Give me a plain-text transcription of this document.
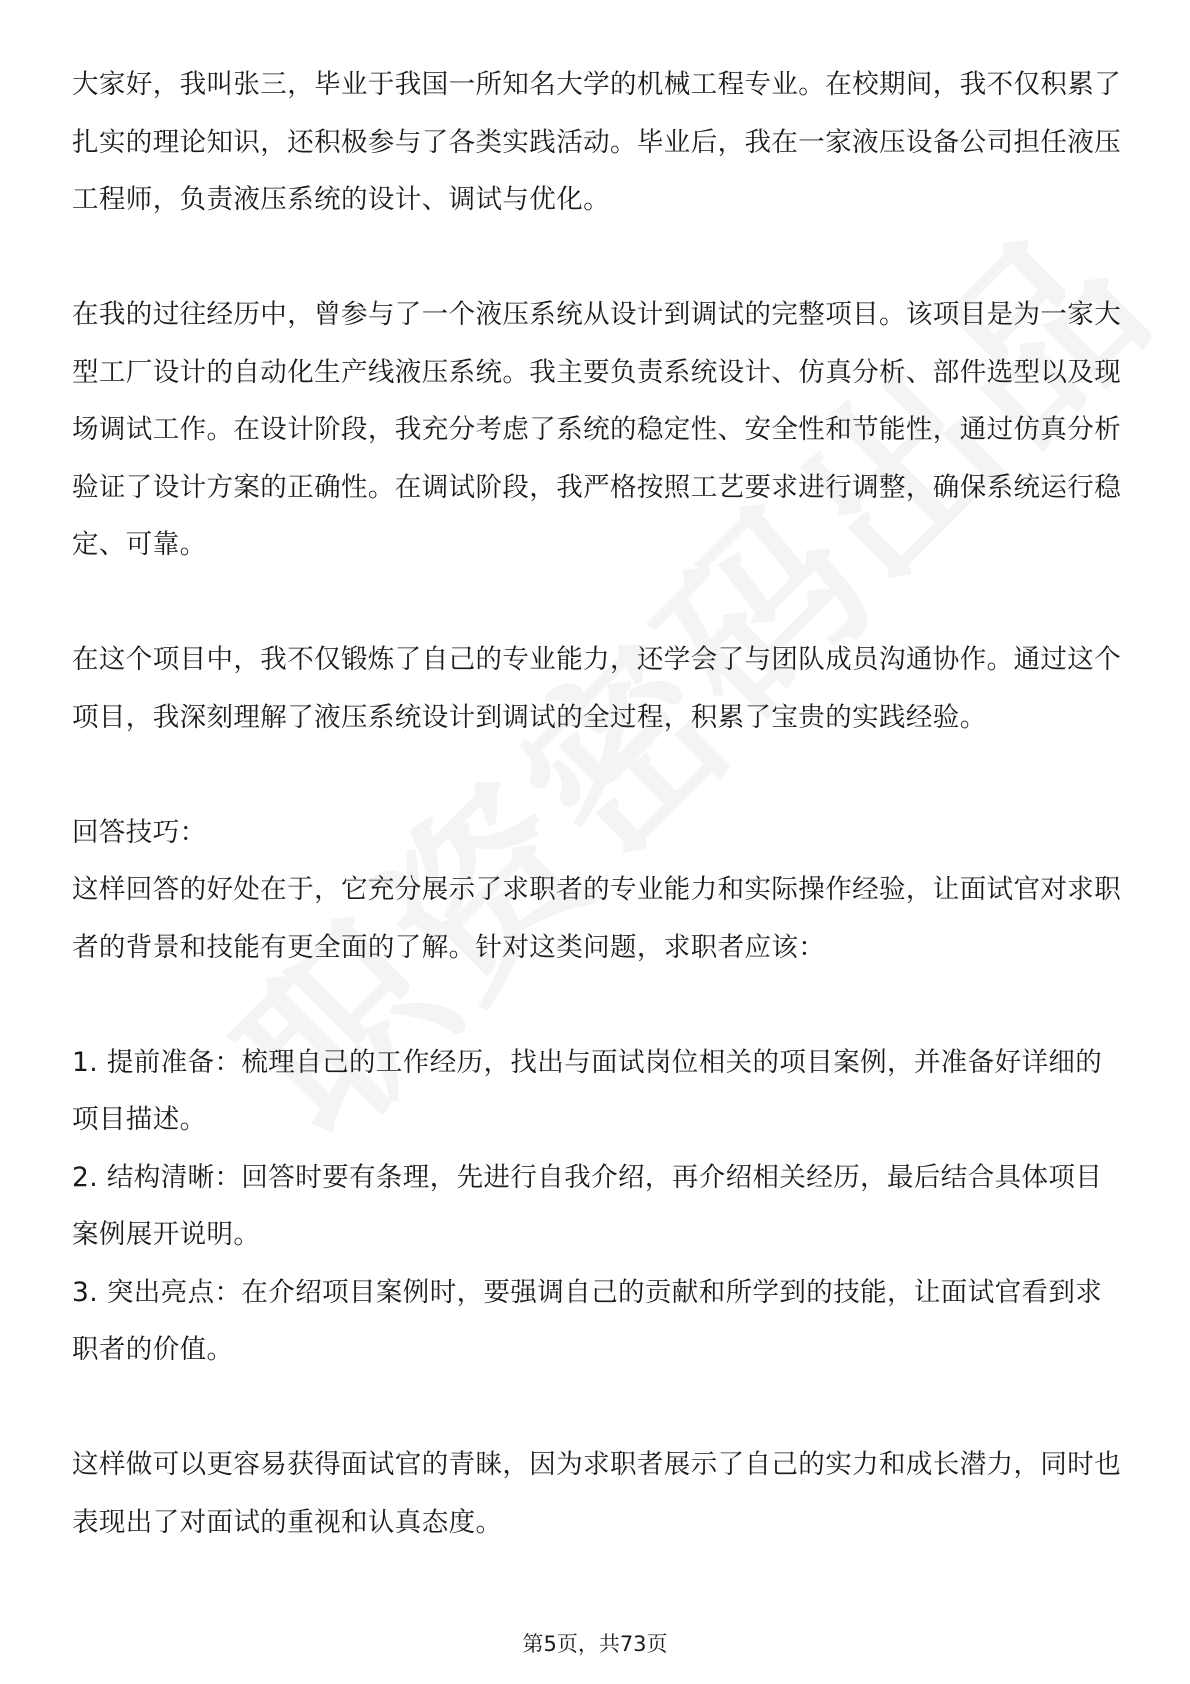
大家好，我叫张三，毕业于我国一所知名大学的机械工程专业。在校期间，我不仅积累了扎实的理论知识，还积极参与了各类实践活动。毕业后，我在一家液压设备公司担任液压工程师，负责液压系统的设计、调试与优化。

在我的过往经历中，曾参与了一个液压系统从设计到调试的完整项目。该项目是为一家大型工厂设计的自动化生产线液压系统。我主要负责系统设计、仿真分析、部件选型以及现场调试工作。在设计阶段，我充分考虑了系统的稳定性、安全性和节能性，通过仿真分析验证了设计方案的正确性。在调试阶段，我严格按照工艺要求进行调整，确保系统运行稳定、可靠。

在这个项目中，我不仅锻炼了自己的专业能力，还学会了与团队成员沟通协作。通过这个项目，我深刻理解了液压系统设计到调试的全过程，积累了宝贵的实践经验。

回答技巧：

这样回答的好处在于，它充分展示了求职者的专业能力和实际操作经验，让面试官对求职者的背景和技能有更全面的了解。针对这类问题，求职者应该：

1. 提前准备：梳理自己的工作经历，找出与面试岗位相关的项目案例，并准备好详细的项目描述。

2. 结构清晰：回答时要有条理，先进行自我介绍，再介绍相关经历，最后结合具体项目案例展开说明。

3. 突出亮点：在介绍项目案例时，要强调自己的贡献和所学到的技能，让面试官看到求职者的价值。

这样做可以更容易获得面试官的青睐，因为求职者展示了自己的实力和成长潜力，同时也表现出了对面试的重视和认真态度。

第5页，共73页
